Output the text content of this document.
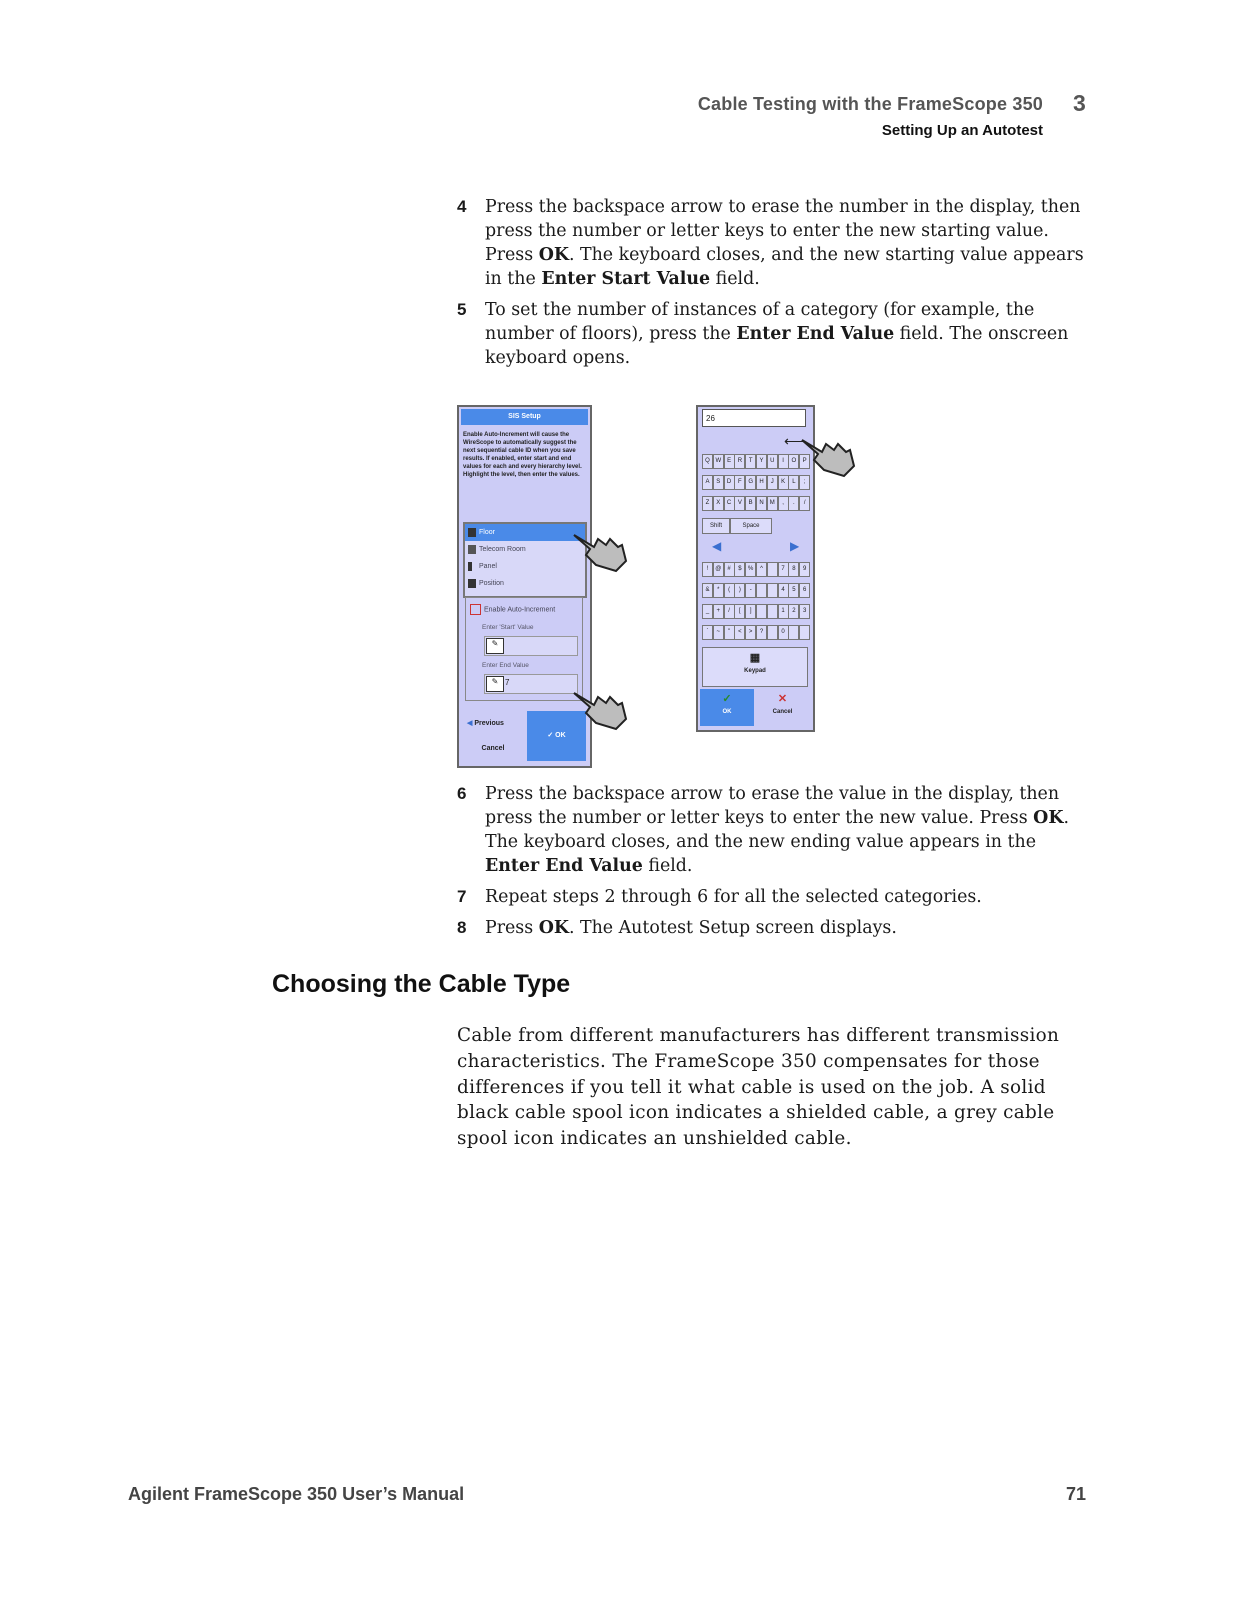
Cable Testing with the FrameScope 350 3
Setting Up an Autotest
4 Press the backspace arrow to erase the number in the display, then press the number or letter keys to enter the new starting value. Press OK. The keyboard closes, and the new starting value appears in the Enter Start Value field.
5 To set the number of instances of a category (for example, the number of floors), press the Enter End Value field. The onscreen keyboard opens.
SIS Setup
Enable Auto-Increment will cause the WireScope to automatically suggest the next sequential cable ID when you save results. If enabled, enter start and end values for each and every hierarchy level. Highlight the level, then enter the values.
Floor
Telecom Room
Panel
Position
Enable Auto-Increment
Enter 'Start' Value
✎
Enter End Value
✎ 7
◀ Previous
Cancel
✓ OK
26
⟵
Q W E	R	T	Y	U	I	O	P
A	S	D	F	G	H	J	K	L	;
Z	X	C	V	B	N	M	,	.	/
Shift	Space
◀	▶
!	@	#	$	%	^	7	8	9
&	*	(	)	-	4	5	6
_	+	/	[	]	1	2	3
`	~	"	<	>	?	0
▦
Keypad
✓
OK
✕
Cancel
6 Press the backspace arrow to erase the value in the display, then press the number or letter keys to enter the new value. Press OK. The keyboard closes, and the new ending value appears in the Enter End Value field.
7 Repeat steps 2 through 6 for all the selected categories.
8 Press OK. The Autotest Setup screen displays.
Choosing the Cable Type
Cable from different manufacturers has different transmission characteristics. The FrameScope 350 compensates for those differences if you tell it what cable is used on the job. A solid black cable spool icon indicates a shielded cable, a grey cable spool icon indicates an unshielded cable.
Agilent FrameScope 350 User’s Manual	71
